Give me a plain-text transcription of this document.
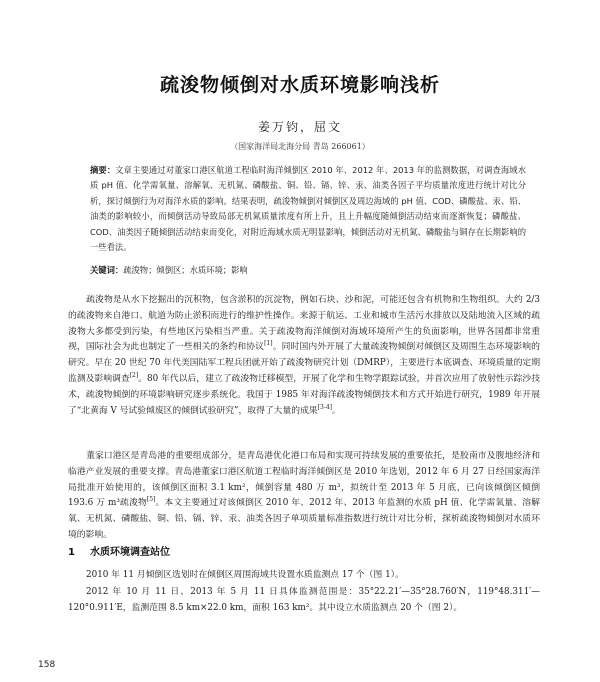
疏浚物倾倒对水质环境影响浅析
姜万钧，屈文
（国家海洋局北海分局 青岛 266061）
摘要：文章主要通过对董家口港区航道工程临时海洋倾倒区 2010 年、2012 年、2013 年的监测数据，对调查海域水质 pH 值、化学需氧量、溶解氧、无机氮、磷酸盐、铜、铅、镉、锌、汞、油类各因子平均质量浓度进行统计对比分析，探讨倾倒行为对海洋水质的影响。结果表明，疏浚物倾倒对倾倒区及周边海域的 pH 值、COD、磷酸盐、汞、铅、油类的影响较小，而倾倒活动导致局部无机氮质量浓度有所上升，且上升幅度随倾倒活动结束而逐渐恢复；磷酸盐、COD、油类因子随倾倒活动结束而变化，对附近海域水质无明显影响，倾倒活动对无机氮、磷酸盐与铜存在长期影响的一些看法。
关键词：疏浚物；倾倒区；水质环境；影响
疏浚物是从水下挖掘出的沉积物，包含淤积的沉淀物，例如石块、沙和泥，可能还包含有机物和生物组织。大约 2/3 的疏浚物来自港口、航道为防止淤积而进行的维护性操作。来源于航运、工业和城市生活污水排放以及陆地流入区域的疏浚物大多都受到污染，有些地区污染相当严重。关于疏浚物海洋倾倒对海域环境所产生的负面影响，世界各国都非常重视，国际社会为此也制定了一些相关的条约和协议[1]。同时国内外开展了大量疏浚物倾倒对倾倒区及周围生态环境影响的研究。早在 20 世纪 70 年代美国陆军工程兵团就开始了疏浚物研究计划（DMRP），主要进行本底调查、环境质量的定期监测及影响调查[2]。80 年代以后，建立了疏浚物迁移模型，开展了化学和生物学跟踪试验，并首次应用了放射性示踪沙技术，疏浚物倾倒的环境影响研究逐步系统化。我国于 1985 年对海洋疏浚物倾倒技术和方式开始进行研究，1989 年开展了“北黄海 V 号试验倾废区的倾倒试验研究”，取得了大量的成果[3-4]。
董家口港区是青岛港的重要组成部分，是青岛港优化港口布局和实现可持续发展的重要依托，是胶南市及腹地经济和临港产业发展的重要支撑。青岛港董家口港区航道工程临时海洋倾倒区是 2010 年选划，2012 年 6 月 27 日经国家海洋局批准开始使用的，该倾倒区面积 3.1 km²，倾倒容量 480 万 m³，拟统计至 2013 年 5 月底，已向该倾倒区倾倒 193.6 万 m³疏浚物[5]。本文主要通过对该倾倒区 2010 年、2012 年、2013 年监测的水质 pH 值、化学需氧量、溶解氧、无机氮、磷酸盐、铜、铅、镉、锌、汞、油类各因子单项质量标准指数进行统计对比分析，探析疏浚物倾倒对水质环境的影响。
1 水质环境调查站位
2010 年 11 月倾倒区选划时在倾倒区周围海域共设置水质监测点 17 个（图 1）。
2012 年 10 月 11 日、2013 年 5 月 11 日具体监测范围是：35°22.21′—35°28.760′N，119°48.311′—120°0.911′E，监测范围 8.5 km×22.0 km，面积 163 km²。其中设立水质监测点 20 个（图 2）。
158
